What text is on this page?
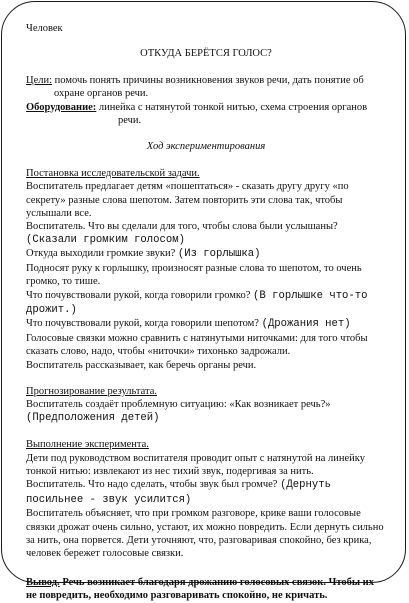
Человек

ОТКУДА БЕРЁТСЯ ГОЛОС?

Цели: помочь понять причины возникновения звуков речи, дать понятие об охране органов речи.

Оборудование: линейка с натянутой тонкой нитью, схема строения органов речи.

Ход экспериментирования

Постановка исследовательской задачи.

Воспитатель предлагает детям «пошептаться» - сказать другу другу «по секрету» разные слова шепотом. Затем повторить эти слова так, чтобы услышали все.

Воспитатель. Что вы сделали для того, чтобы слова были услышаны?

(Сказали громким голосом)

Откуда выходили громкие звуки? (Из горлышка)

Подносят руку к горлышку, произносят разные слова то шепотом, то очень громко, то тише.

Что почувствовали рукой, когда говорили громко? (В горлышке что-то дрожит.)

Что почувствовали рукой, когда говорили шепотом? (Дрожания нет)

Голосовые связки можно сравнить с натянутыми ниточками: для того чтобы сказать слово, надо, чтобы «ниточки» тихонько задрожали.

Воспитатель рассказывает, как беречь органы речи.

Прогнозирование результата.

Воспитатель создаёт проблемную ситуацию: «Как возникает речь?»

(Предположения детей)

Выполнение эксперимента.

Дети под руководством воспитателя проводит опыт с натянутой на линейку тонкой нитью: извлекают из нес тихий звук, подергивая за нить.

Воспитатель. Что надо сделать, чтобы звук был громче? (Дернуть посильнее - звук усилится)

Воспитатель объясняет, что при громком разговоре, крике ваши голосовые связки дрожат очень сильно, устают, их можно повредить. Если дернуть сильно за нить, она порвется. Дети уточняют, что, разговаривая спокойно, без крика, человек бережет голосовые связки.

Вывод. Речь возникает благодаря дрожанию голосовых связок. Чтобы их не повредить, необходимо разговаривать спокойно, не кричать.
